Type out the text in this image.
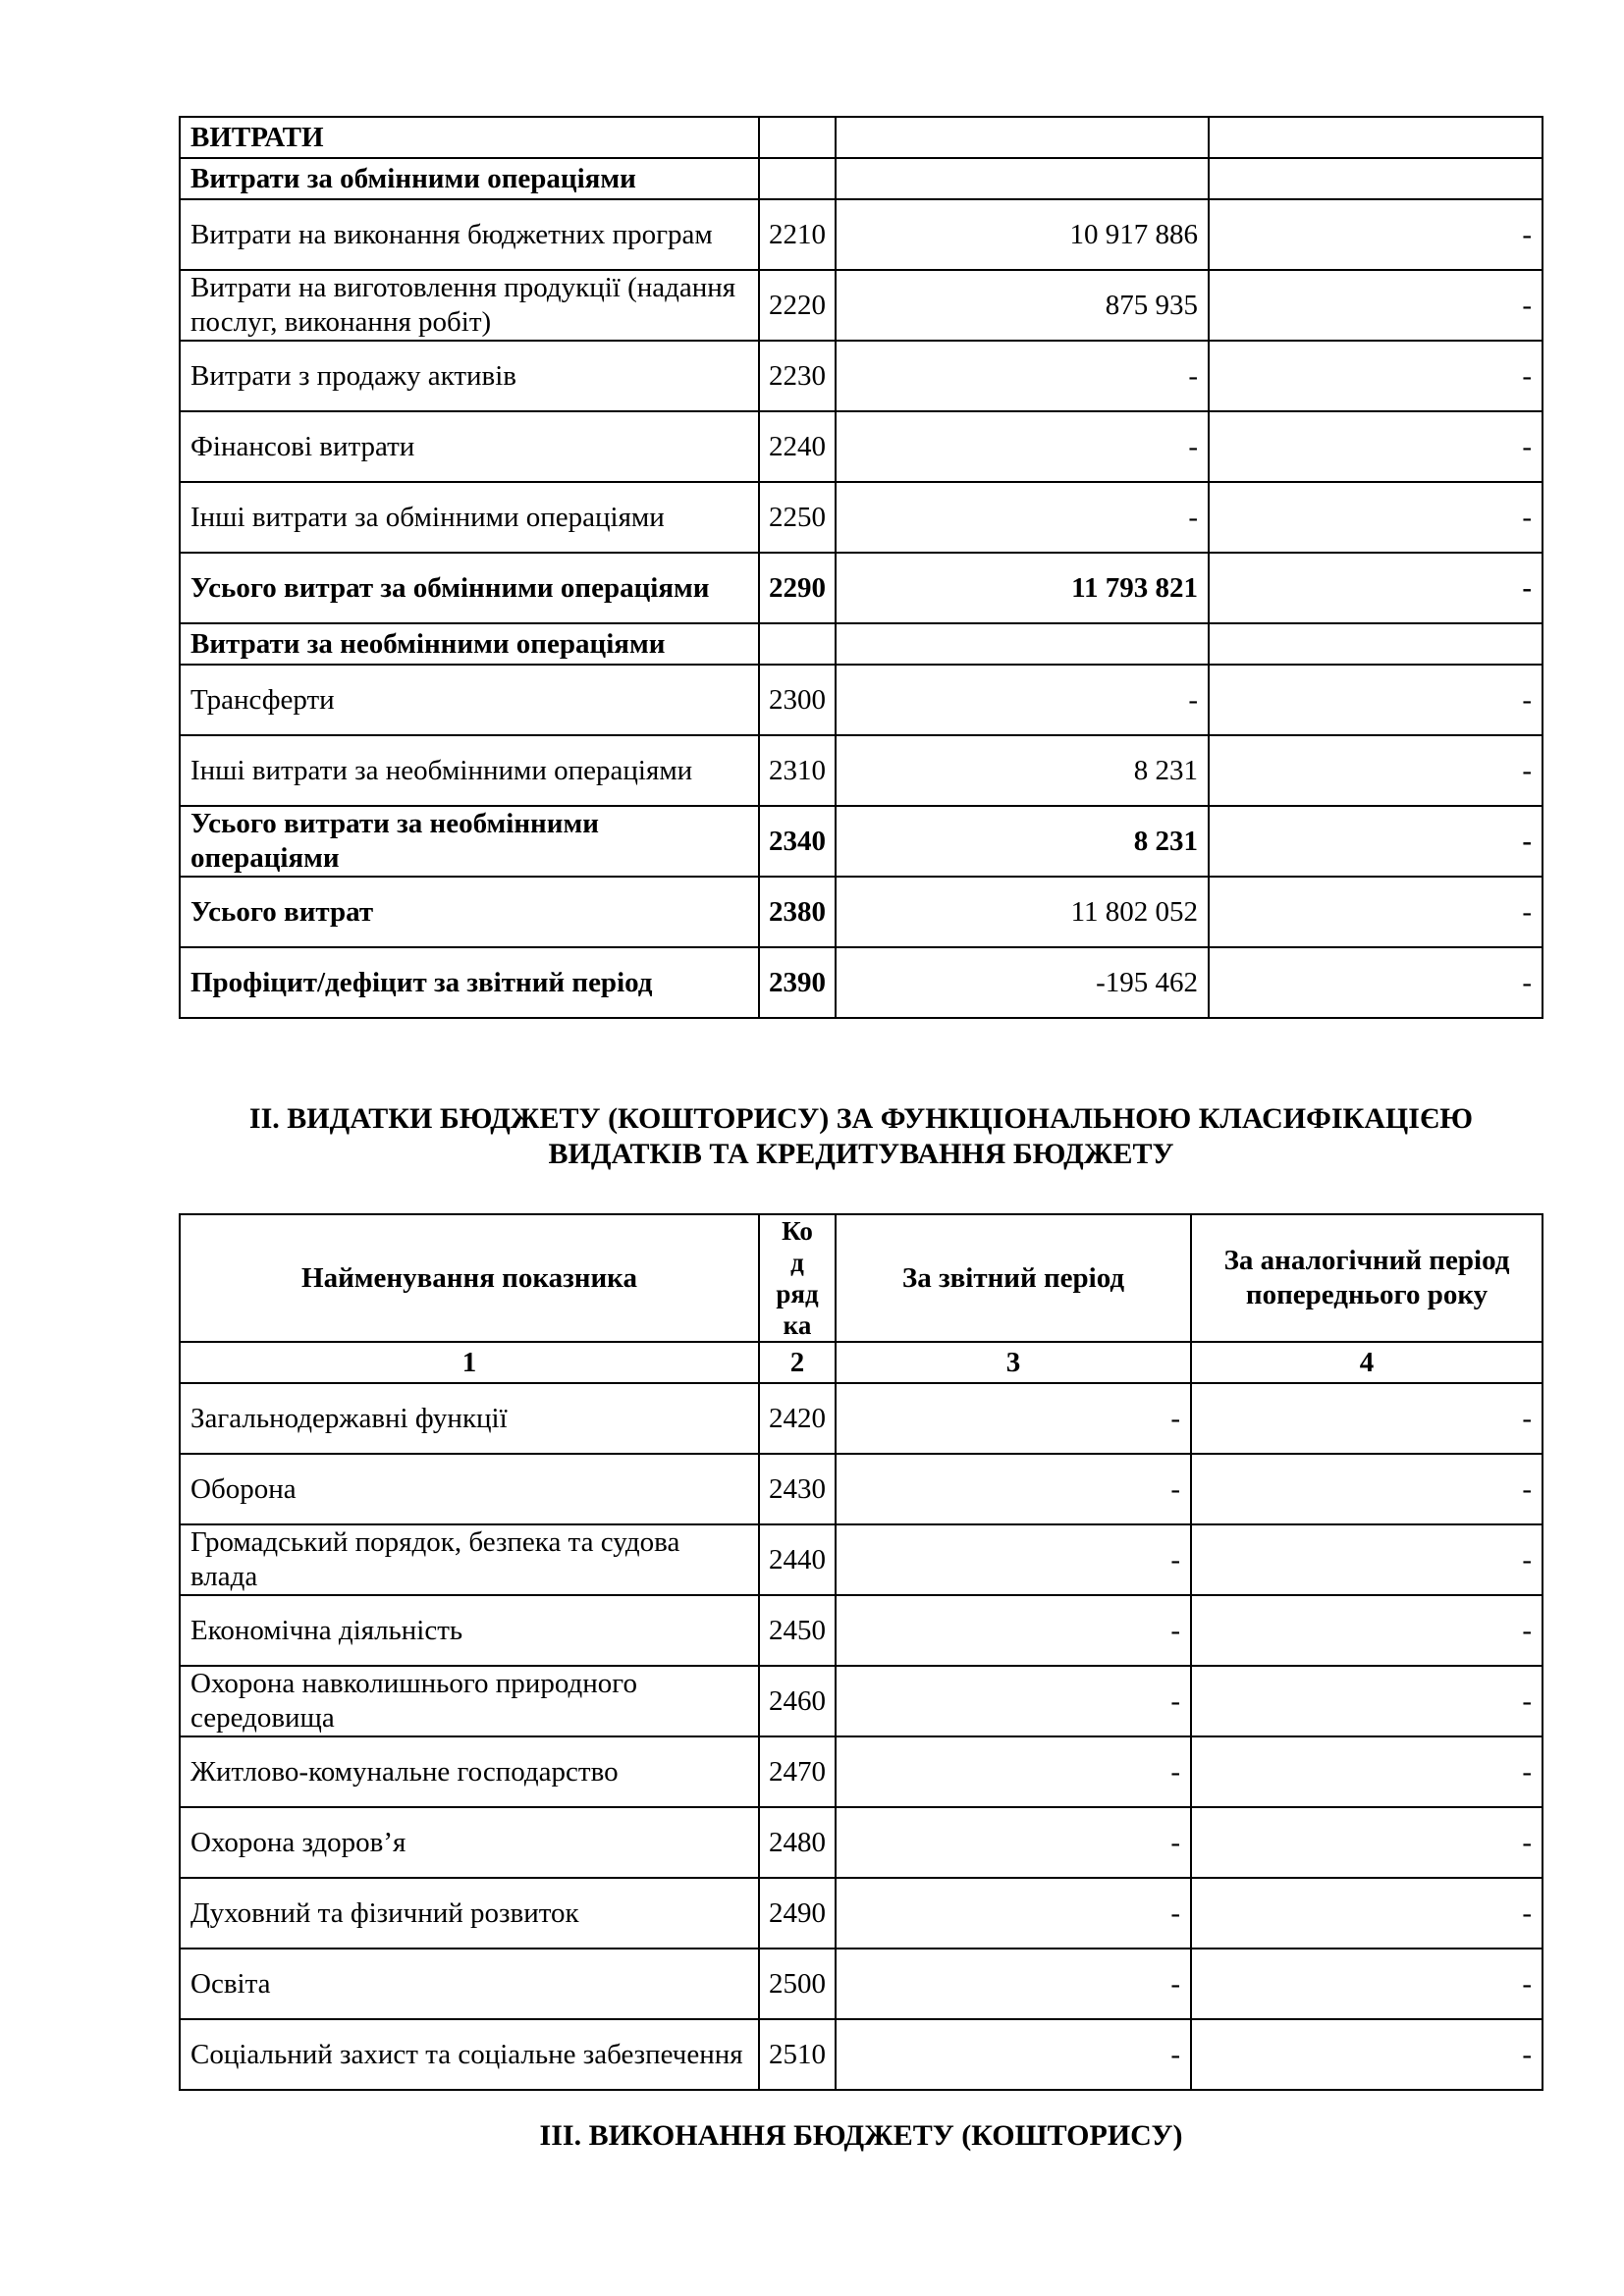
ВИТРАТИ			
Витрати за обмінними операціями			
Витрати на виконання бюджетних програм	2210	10 917 886	-
Витрати на виготовлення продукції (надання послуг, виконання робіт)	2220	875 935	-
Витрати з продажу активів	2230	-	-
Фінансові витрати	2240	-	-
Інші витрати за обмінними операціями	2250	-	-
Усього витрат за обмінними операціями	2290	11 793 821	-
Витрати за необмінними операціями			
Трансферти	2300	-	-
Інші витрати за необмінними операціями	2310	8 231	-
Усього витрати за необмінними операціями	2340	8 231	-
Усього витрат	2380	11 802 052	-
Профіцит/дефіцит за звітний період	2390	-195 462	-
ІІ. ВИДАТКИ БЮДЖЕТУ (КОШТОРИСУ) ЗА ФУНКЦІОНАЛЬНОЮ КЛАСИФІКАЦІЄЮ
ВИДАТКІВ ТА КРЕДИТУВАННЯ БЮДЖЕТУ
Найменування показника	Ко
д
ряд
ка	За звітний період	За аналогічний період попереднього року
1	2	3	4
Загальнодержавні функції	2420	-	-
Оборона	2430	-	-
Громадський порядок, безпека та судова влада	2440	-	-
Економічна діяльність	2450	-	-
Охорона навколишнього природного середовища	2460	-	-
Житлово-комунальне господарство	2470	-	-
Охорона здоров’я	2480	-	-
Духовний та фізичний розвиток	2490	-	-
Освіта	2500	-	-
Соціальний захист та соціальне забезпечення	2510	-	-
ІІІ. ВИКОНАННЯ БЮДЖЕТУ (КОШТОРИСУ)
